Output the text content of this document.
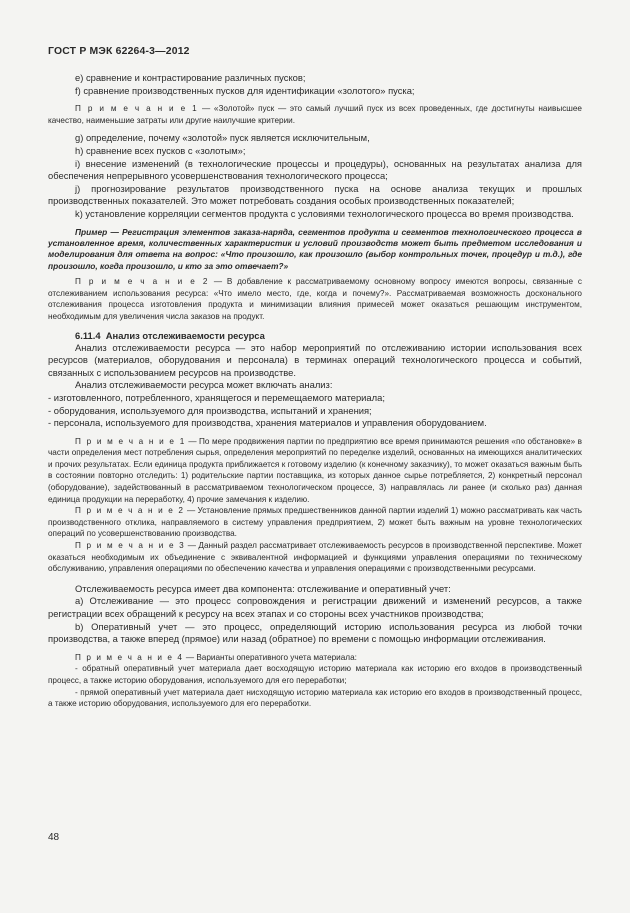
ГОСТ Р МЭК 62264-3—2012

е) сравнение и контрастирование различных пусков;

f) сравнение производственных пусков для идентификации «золотого» пуска;

П р и м е ч а н и е 1 — «Золотой» пуск — это самый лучший пуск из всех проведенных, где достигнуты наивысшее качество, наименьшие затраты или другие наилучшие критерии.

g) определение, почему «золотой» пуск является исключительным,

h) сравнение всех пусков с «золотым»;

i) внесение изменений (в технологические процессы и процедуры), основанных на результатах анализа для обеспечения непрерывного усовершенствования технологического процесса;

j) прогнозирование результатов производственного пуска на основе анализа текущих и прошлых производственных показателей. Это может потребовать создания особых производственных показателей;

k) установление корреляции сегментов продукта с условиями технологического процесса во время производства.

Пример — Регистрация элементов заказа-наряда, сегментов продукта и сегментов технологического процесса в установленное время, количественных характеристик и условий производств может быть предметом исследования и моделирования для ответа на вопрос: «Что произошло, как произошло (выбор контрольных точек, процедур и т.д.), где произошло, когда произошло, и кто за это отвечает?»

П р и м е ч а н и е 2 — В добавление к рассматриваемому основному вопросу имеются вопросы, связанные с отслеживанием использования ресурса: «Что имело место, где, когда и почему?». Рассматриваемая возможность досконального отслеживания процесса изготовления продукта и минимизации влияния примесей может оказаться решающим инструментом, необходимым для увеличения числа заказов на продукт.

6.11.4 Анализ отслеживаемости ресурса

Анализ отслеживаемости ресурса — это набор мероприятий по отслеживанию истории использования всех ресурсов (материалов, оборудования и персонала) в терминах операций технологического процесса и событий, связанных с использованием ресурсов на производстве.

Анализ отслеживаемости ресурса может включать анализ:

- изготовленного, потребленного, хранящегося и перемещаемого материала;

- оборудования, используемого для производства, испытаний и хранения;

- персонала, используемого для производства, хранения материалов и управления оборудованием.

П р и м е ч а н и е 1 — По мере продвижения партии по предприятию все время принимаются решения «по обстановке» в части определения мест потребления сырья, определения мероприятий по переделке изделий, основанных на имеющихся аналитических и прочих результатах. Если единица продукта приближается к готовому изделию (к конечному заказчику), то может оказаться важным быть в состоянии повторно отследить: 1) родительские партии поставщика, из которых данное сырье потребляется, 2) конкретный персонал (оборудование), задействованный в рассматриваемом технологическом процессе, 3) направлялась ли ранее (и сколько раз) данная единица продукции на переработку, 4) прочие замечания к изделию.

П р и м е ч а н и е 2 — Установление прямых предшественников данной партии изделий 1) можно рассматривать как часть производственного отклика, направляемого в систему управления предприятием, 2) может быть важным на уровне технологических операций по усовершенствованию производства.

П р и м е ч а н и е 3 — Данный раздел рассматривает отслеживаемость ресурсов в производственной перспективе. Может оказаться необходимым их объединение с эквивалентной информацией и функциями управления операциями по техническому обслуживанию, управления операциями по обеспечению качества и управления операциями с производственными ресурсами.

Отслеживаемость ресурса имеет два компонента: отслеживание и оперативный учет:

а) Отслеживание — это процесс сопровождения и регистрации движений и изменений ресурсов, а также регистрации всех обращений к ресурсу на всех этапах и со стороны всех участников производства;

b) Оперативный учет — это процесс, определяющий историю использования ресурса из любой точки производства, а также вперед (прямое) или назад (обратное) по времени с помощью информации отслеживания.

П р и м е ч а н и е 4 — Варианты оперативного учета материала:

- обратный оперативный учет материала дает восходящую историю материала как историю его входов в производственный процесс, а также историю оборудования, используемого для его переработки;

- прямой оперативный учет материала дает нисходящую историю материала как историю его входов в производственный процесс, а также историю оборудования, используемого для его переработки.

48
